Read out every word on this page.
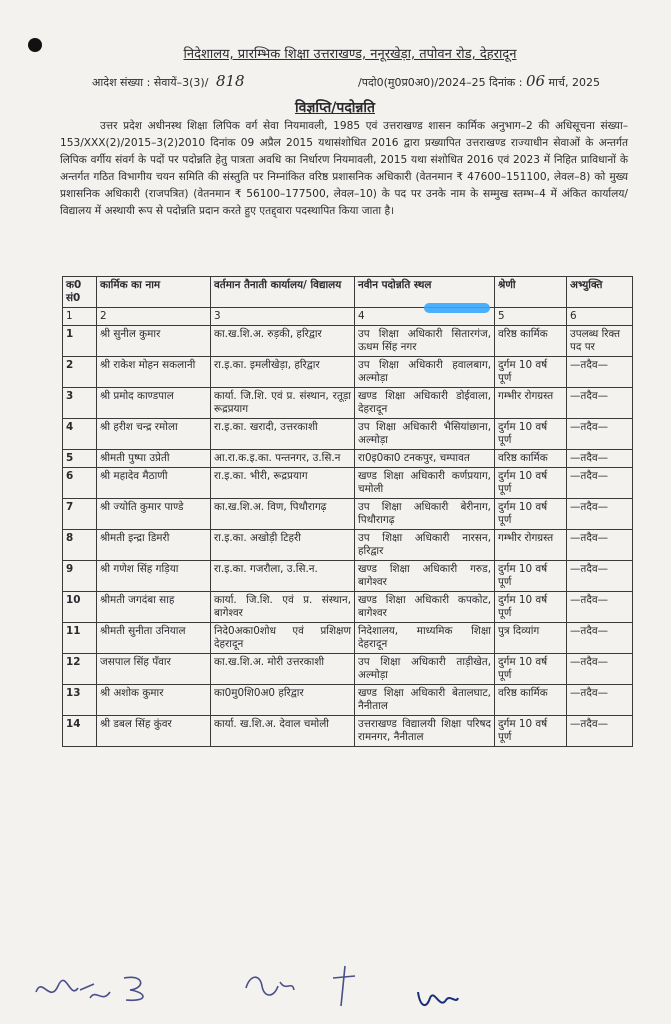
निदेशालय, प्रारम्भिक शिक्षा उत्तराखण्ड, ननूरखेड़ा, तपोवन रोड, देहरादून
आदेश संख्या : सेवायें–3(3)/ 818	/पदो0(मु0प्र0अ0)/2024–25 दिनांक : 06 मार्च, 2025
विज्ञप्ति/पदोन्नति
उत्तर प्रदेश अधीनस्थ शिक्षा लिपिक वर्ग सेवा नियमावली, 1985 एवं उत्तराखण्ड शासन कार्मिक अनुभाग–2 की अधिसूचना संख्या–153/XXX(2)/2015–3(2)2010 दिनांक 09 अप्रैल 2015 यथासंशोधित 2016 द्वारा प्रख्यापित उत्तराखण्ड राज्याधीन सेवाओं के अन्तर्गत लिपिक वर्गीय संवर्ग के पदों पर पदोन्नति हेतु पात्रता अवधि का निर्धारण नियमावली, 2015 यथा संशोधित 2016 एवं 2023 में निहित प्राविधानों के अन्तर्गत गठित विभागीय चयन समिति की संस्तुति पर निम्नांकित वरिष्ठ प्रशासनिक अधिकारी (वेतनमान ₹ 47600–151100, लेवल–8) को मुख्य प्रशासनिक अधिकारी (राजपत्रित) (वेतनमान ₹ 56100–177500, लेवल–10) के पद पर उनके नाम के सम्मुख स्तम्भ–4 में अंकित कार्यालय/विद्यालय में अस्थायी रूप से पदोन्नति प्रदान करते हुए एतद्द्वारा पदस्थापित किया जाता है।
क0 सं0	कार्मिक का नाम	वर्तमान तैनाती कार्यालय/ विद्यालय	नवीन पदोन्नति स्थल	श्रेणी	अभ्युक्ति
1	2	3	4	5	6
1	श्री सुनील कुमार	का.ख.शि.अ. रुड़की, हरिद्वार	उप शिक्षा अधिकारी सितारगंज, ऊधम सिंह नगर	वरिष्ठ कार्मिक	उपलब्ध रिक्त पद पर
2	श्री राकेश मोहन सकलानी	रा.इ.का. इमलीखेड़ा, हरिद्वार	उप शिक्षा अधिकारी हवालबाग, अल्मोड़ा	दुर्गम 10 वर्ष पूर्ण	—तदैव—
3	श्री प्रमोद काण्डपाल	कार्या. जि.शि. एवं प्र. संस्थान, रतूड़ा रूद्रप्रयाग	खण्ड शिक्षा अधिकारी डोईवाला, देहरादून	गम्भीर रोगग्रस्त	—तदैव—
4	श्री हरीश चन्द्र रमोला	रा.इ.का. खरादी, उत्तरकाशी	उप शिक्षा अधिकारी भैसियांछाना, अल्मोड़ा	दुर्गम 10 वर्ष पूर्ण	—तदैव—
5	श्रीमती पुष्पा उप्रेती	आ.रा.क.इ.का. पन्तनगर, उ.सि.न	रा0इ0का0 टनकपुर, चम्पावत	वरिष्ठ कार्मिक	—तदैव—
6	श्री महादेव मैठाणी	रा.इ.का. भीरी, रूद्रप्रयाग	खण्ड शिक्षा अधिकारी कर्णप्रयाग, चमोली	दुर्गम 10 वर्ष पूर्ण	—तदैव—
7	श्री ज्योति कुमार पाण्डे	का.ख.शि.अ. विण, पिथौरागढ़	उप शिक्षा अधिकारी बेरीनाग, पिथौरागढ़	दुर्गम 10 वर्ष पूर्ण	—तदैव—
8	श्रीमती इन्द्रा डिमरी	रा.इ.का. अखोड़ी टिहरी	उप शिक्षा अधिकारी नारसन, हरिद्वार	गम्भीर रोगग्रस्त	—तदैव—
9	श्री गणेश सिंह गड़िया	रा.इ.का. गजरौला, उ.सि.न.	खण्ड शिक्षा अधिकारी गरुड, बागेश्वर	दुर्गम 10 वर्ष पूर्ण	—तदैव—
10	श्रीमती जगदंबा साह	कार्या. जि.शि. एवं प्र. संस्थान, बागेश्वर	खण्ड शिक्षा अधिकारी कपकोट, बागेश्वर	दुर्गम 10 वर्ष पूर्ण	—तदैव—
11	श्रीमती सुनीता उनियाल	निदे0अका0शोध एवं प्रशिक्षण देहरादून	निदेशालय, माध्यमिक शिक्षा देहरादून	पुत्र दिव्यांग	—तदैव—
12	जसपाल सिंह पँवार	का.ख.शि.अ. मोरी उत्तरकाशी	उप शिक्षा अधिकारी ताड़ीखेत, अल्मोड़ा	दुर्गम 10 वर्ष पूर्ण	—तदैव—
13	श्री अशोक कुमार	का0मु0शि0अ0 हरिद्वार	खण्ड शिक्षा अधिकारी बेतालघाट, नैनीताल	वरिष्ठ कार्मिक	—तदैव—
14	श्री डबल सिंह कुंवर	कार्या. ख.शि.अ. देवाल चमोली	उत्तराखण्ड विद्यालयी शिक्षा परिषद रामनगर, नैनीताल	दुर्गम 10 वर्ष पूर्ण	—तदैव—
